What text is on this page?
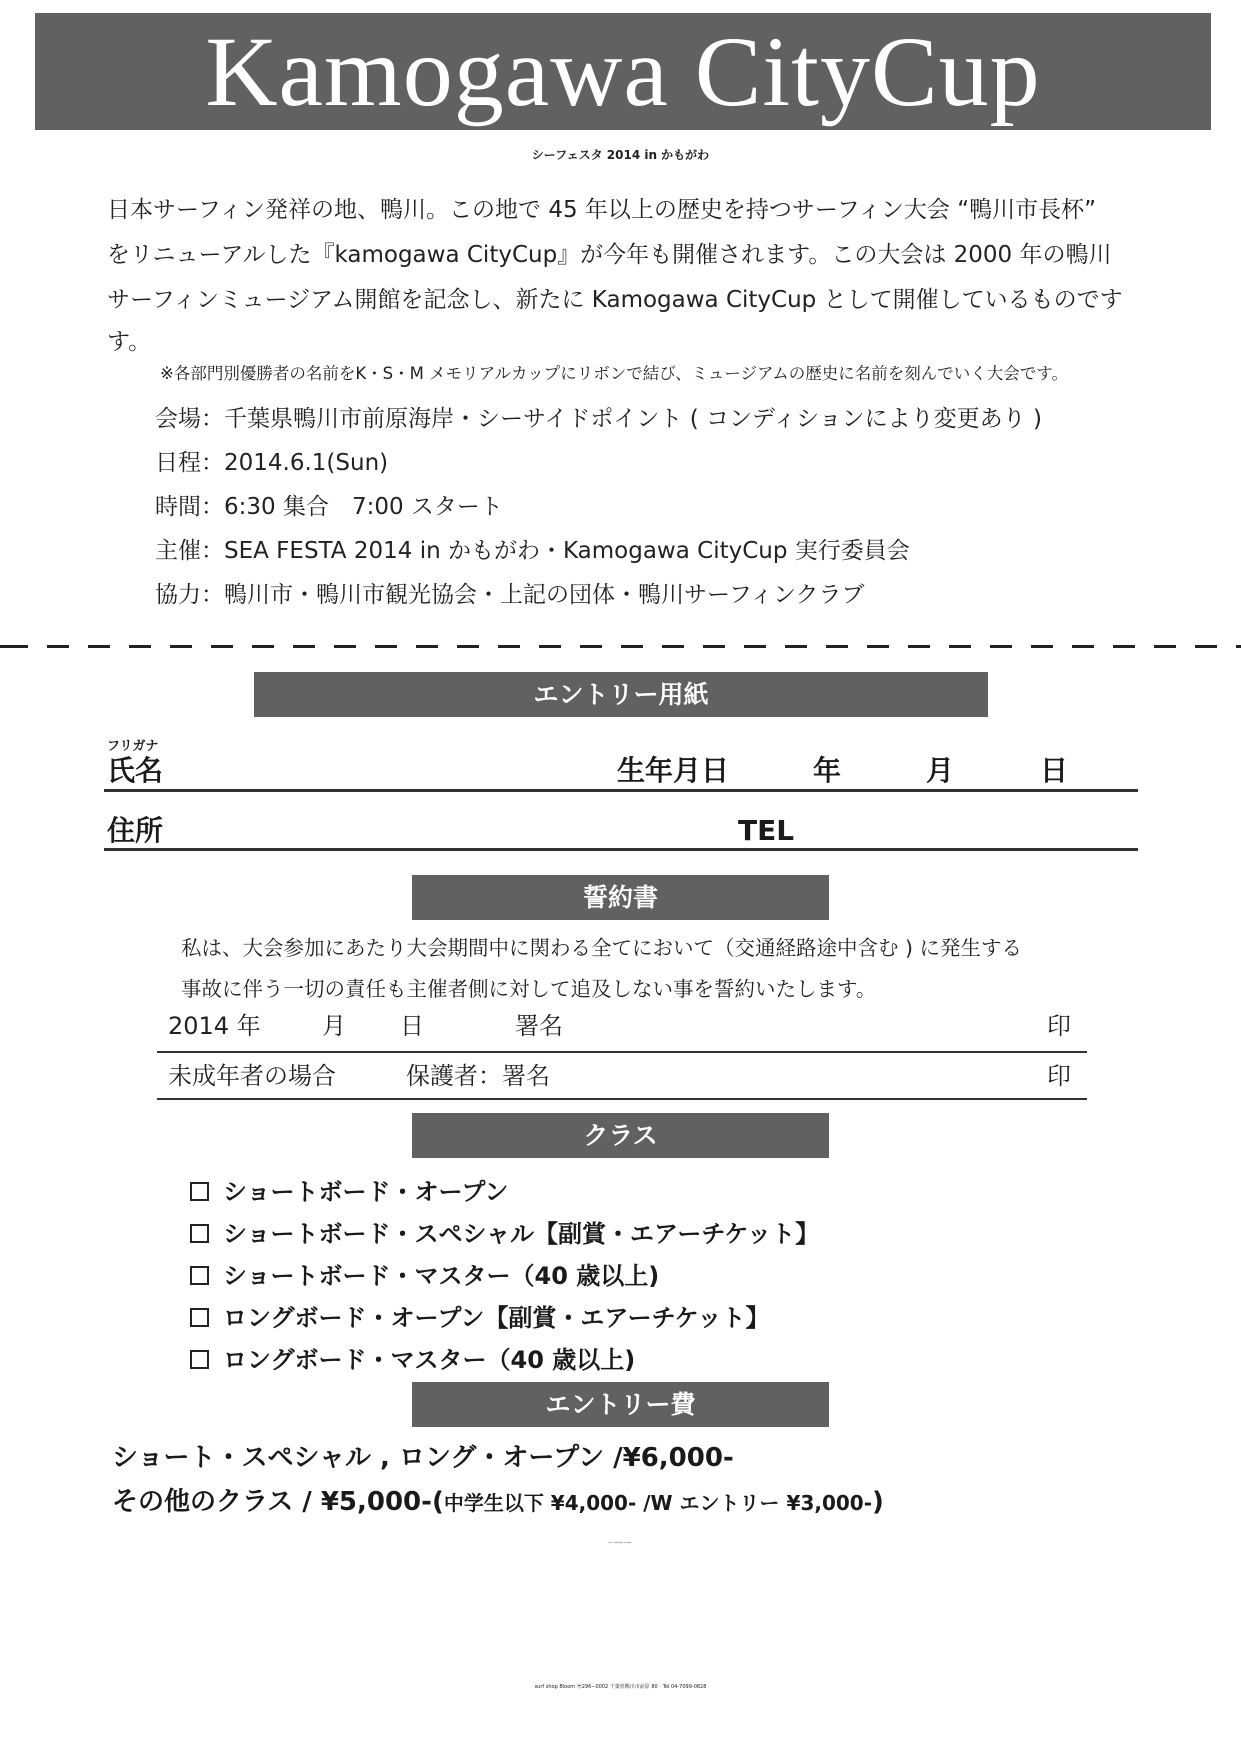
Kamogawa CityCup
シーフェスタ 2014 in かもがわ
日本サーフィン発祥の地、鴨川。この地で 45 年以上の歴史を持つサーフィン大会 “鴨川市長杯”
をリニューアルした『kamogawa CityCup』が今年も開催されます。この大会は 2000 年の鴨川
サーフィンミュージアム開館を記念し、新たに Kamogawa CityCup として開催しているものです
す。
※各部門別優勝者の名前をK・S・M メモリアルカップにリボンで結び、ミュージアムの歴史に名前を刻んでいく大会です。
会場：千葉県鴨川市前原海岸・シーサイドポイント ( コンディションにより変更あり )
日程：2014.6.1(Sun)
時間：6:30 集合　7:00 スタート
主催：SEA FESTA 2014 in かもがわ・Kamogawa CityCup 実行委員会
協力：鴨川市・鴨川市観光協会・上記の団体・鴨川サーフィンクラブ
エントリー用紙
フリガナ
氏名	生年月日	年	月	日
住所	TEL
誓約書
私は、大会参加にあたり大会期間中に関わる全てにおいて（交通経路途中含む ) に発生する
事故に伴う一切の責任も主催者側に対して追及しない事を誓約いたします。
2014 年	月 日	署名	印
未成年者の場合	保護者：署名	印
クラス
ショートボード・オープン
ショートボード・スペシャル【副賞・エアーチケット】
ショートボード・マスター（40 歳以上)
ロングボード・オープン【副賞・エアーチケット】
ロングボード・マスター（40 歳以上)
エントリー費
ショート・スペシャル , ロング・オープン /¥6,000-
その他のクラス / ¥5,000-(中学生以下 ¥4,000- /W エントリー ¥3,000-)
各クラスとも定員になり次第、〆切らせて頂きます
surf shop Bloom 〶296−0002 千葉県鴨川市前原 80　Tel 04-7099-0828
